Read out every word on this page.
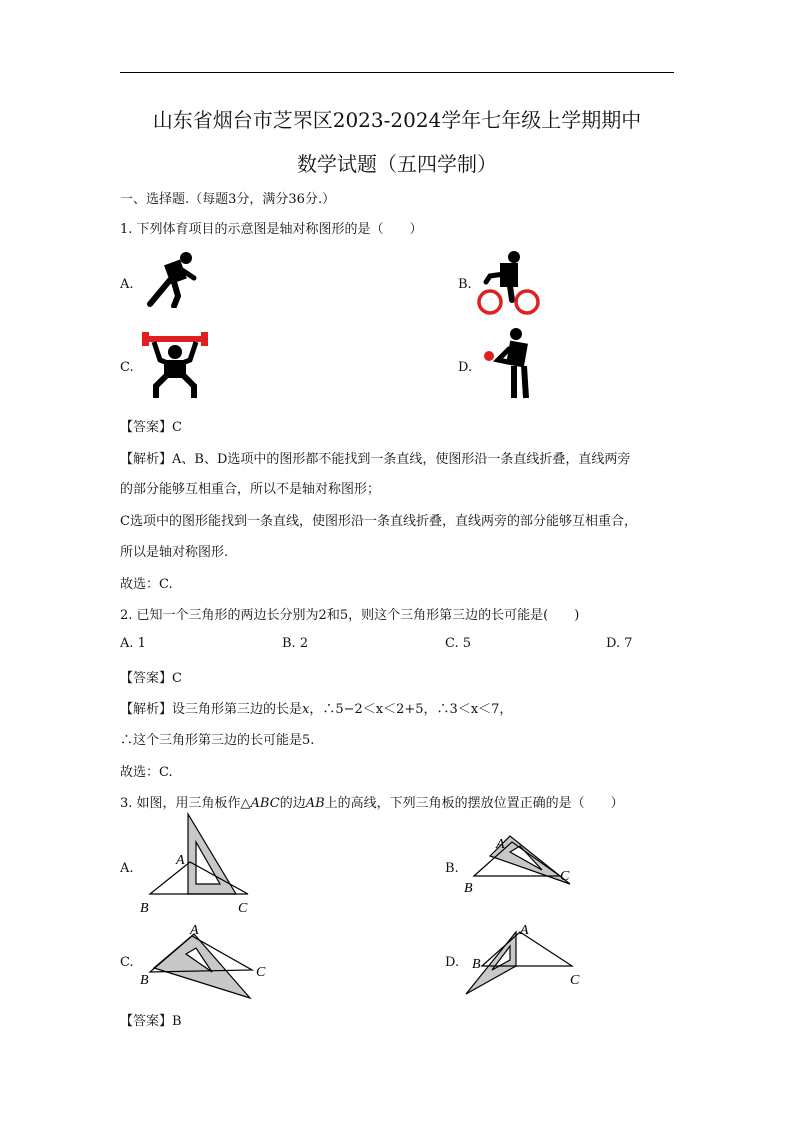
山东省烟台市芝罘区2023-2024学年七年级上学期期中
数学试题（五四学制）
一、选择题.（每题3分，满分36分.）
1. 下列体育项目的示意图是轴对称图形的是（　　）
A.	B.
C.	D.
【答案】C
【解析】A、B、D选项中的图形都不能找到一条直线，使图形沿一条直线折叠，直线两旁
的部分能够互相重合，所以不是轴对称图形；
C选项中的图形能找到一条直线，使图形沿一条直线折叠，直线两旁的部分能够互相重合，
所以是轴对称图形.
故选：C.
2. 已知一个三角形的两边长分别为2和5，则这个三角形第三边的长可能是(　　)
A. 1	B. 2	C. 5	D. 7
【答案】C
【解析】设三角形第三边的长是x，∴5−2＜x＜2+5，∴3＜x＜7，
∴这个三角形第三边的长可能是5.
故选：C.
3. 如图，用三角板作△ABC的边AB上的高线，下列三角板的摆放位置正确的是（　　）
A.	B.
C.	D.
A
B	C
A
B
C
A
B
C
A
B
C
【答案】B
